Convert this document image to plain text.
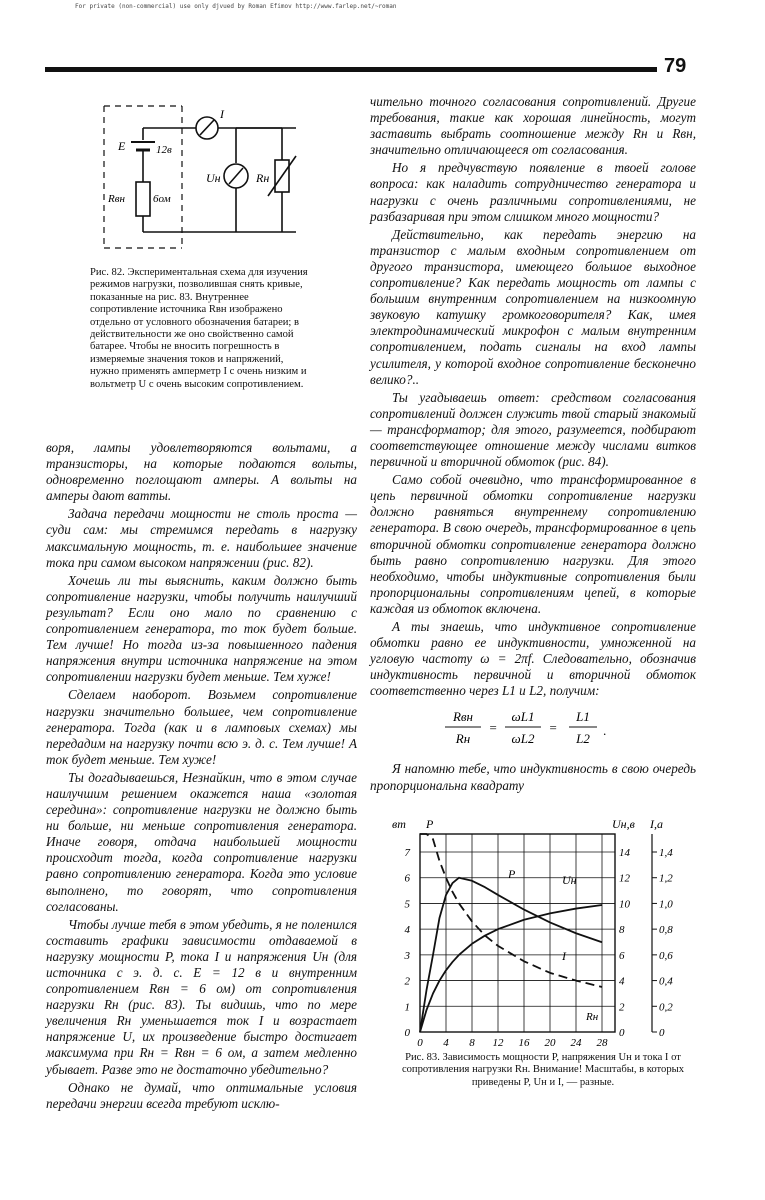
For private (non-commercial) use only djvued by Roman Efimov http://www.farlep.net/~roman
79
I
Uн
E	12в
Rвн	6ом
Rн
Рис. 82. Экспериментальная схема для изучения режимов нагрузки, позволившая снять кривые, показанные на рис. 83. Внутреннее сопротивление источника Rвн изображено отдельно от условного обозначения батареи; в действительности же оно свойственно самой батарее. Чтобы не вносить погрешность в измеряемые значения токов и напряжений, нужно применять амперметр I с очень низким и вольтметр U с очень высоким сопротивлением.

воря, лампы удовлетворяются вольтами, а транзисторы, на которые подаются вольты, одновременно поглощают амперы. А вольты на амперы дают ватты.

Задача передачи мощности не столь проста — суди сам: мы стремимся передать в нагрузку максимальную мощность, т. е. наибольшее значение тока при самом высоком напряжении (рис. 82).

Хочешь ли ты выяснить, каким должно быть сопротивление нагрузки, чтобы получить наилучший результат? Если оно мало по сравнению с сопротивлением генератора, то ток будет больше. Тем лучше! Но тогда из-за повышенного падения напряжения внутри источника напряжение на этом сопротивлении нагрузки будет меньше. Тем хуже!

Сделаем наоборот. Возьмем сопротивление нагрузки значительно большее, чем сопротивление генератора. Тогда (как и в ламповых схемах) мы передадим на нагрузку почти всю э. д. с. Тем лучше! А ток будет меньше. Тем хуже!

Ты догадываешься, Незнайкин, что в этом случае наилучшим решением окажется наша «золотая середина»: сопротивление нагрузки не должно быть ни больше, ни меньше сопротивления генератора. Иначе говоря, отдача наибольшей мощности происходит тогда, когда сопротивление нагрузки равно сопротивлению генератора. Когда это условие выполнено, то говорят, что сопротивления согласованы.

Чтобы лучше тебя в этом убедить, я не поленился составить графики зависимости отдаваемой в нагрузку мощности P, тока I и напряжения Uн (для источника с э. д. с. E = 12 в и внутренним сопротивлением Rвн = 6 ом) от сопротивления нагрузки Rн (рис. 83). Ты видишь, что по мере увеличения Rн уменьшается ток I и возрастает напряжение U, их произведение быстро достигает максимума при Rн = Rвн = 6 ом, а затем медленно убывает. Разве это не достаточно убедительно?

Однако не думай, что оптимальные условия передачи энергии всегда требуют исклю-

чительно точного согласования сопротивлений. Другие требования, такие как хорошая линейность, могут заставить выбрать соотношение между Rн и Rвн, значительно отличающееся от согласования.

Но я предчувствую появление в твоей голове вопроса: как наладить сотрудничество генератора и нагрузки с очень различными сопротивлениями, не разбазаривая при этом слишком много мощности?

Действительно, как передать энергию на транзистор с малым входным сопротивлением от другого транзистора, имеющего большое выходное сопротивление? Как передать мощность от лампы с большим внутренним сопротивлением на низкоомную звуковую катушку громкоговорителя? Как, имея электродинамический микрофон с малым внутренним сопротивлением, подать сигналы на вход лампы усилителя, у которой входное сопротивление бесконечно велико?..

Ты угадываешь ответ: средством согласования сопротивлений должен служить твой старый знакомый — трансформатор; для этого, разумеется, подбирают соответствующее отношение между числами витков первичной и вторичной обмоток (рис. 84).

Само собой очевидно, что трансформированное в цепь первичной обмотки сопротивление нагрузки должно равняться внутреннему сопротивлению генератора. В свою очередь, трансформированное в цепь вторичной обмотки сопротивление генератора должно быть равно сопротивлению нагрузки. Для этого необходимо, чтобы индуктивные сопротивления были пропорциональны сопротивлениям цепей, в которые каждая из обмоток включена.

А ты знаешь, что индуктивное сопротивление обмотки равно ее индуктивности, умноженной на угловую частоту ω = 2πf. Следовательно, обозначив индуктивность первичной и вторичной обмоток соответственно через L1 и L2, получим:

Rвн
Rн
=
ωL1
ωL2
=
L1
L2
.

Я напомню тебе, что индуктивность в свою очередь пропорциональна квадрату

0 4 8 12 16 20 24 28
0
1
2
3
4
5
6
7
0
2
4
6
8
10
12
14
0
0,2
0,4
0,6
0,8
1,0
1,2
1,4
вт	Uн,в I,а
P
P	Uн
I
Rн
Рис. 83. Зависимость мощности P, напряжения Uн и тока I от сопротивления нагрузки Rн. Внимание! Масштабы, в которых приведены P, Uн и I, — разные.
